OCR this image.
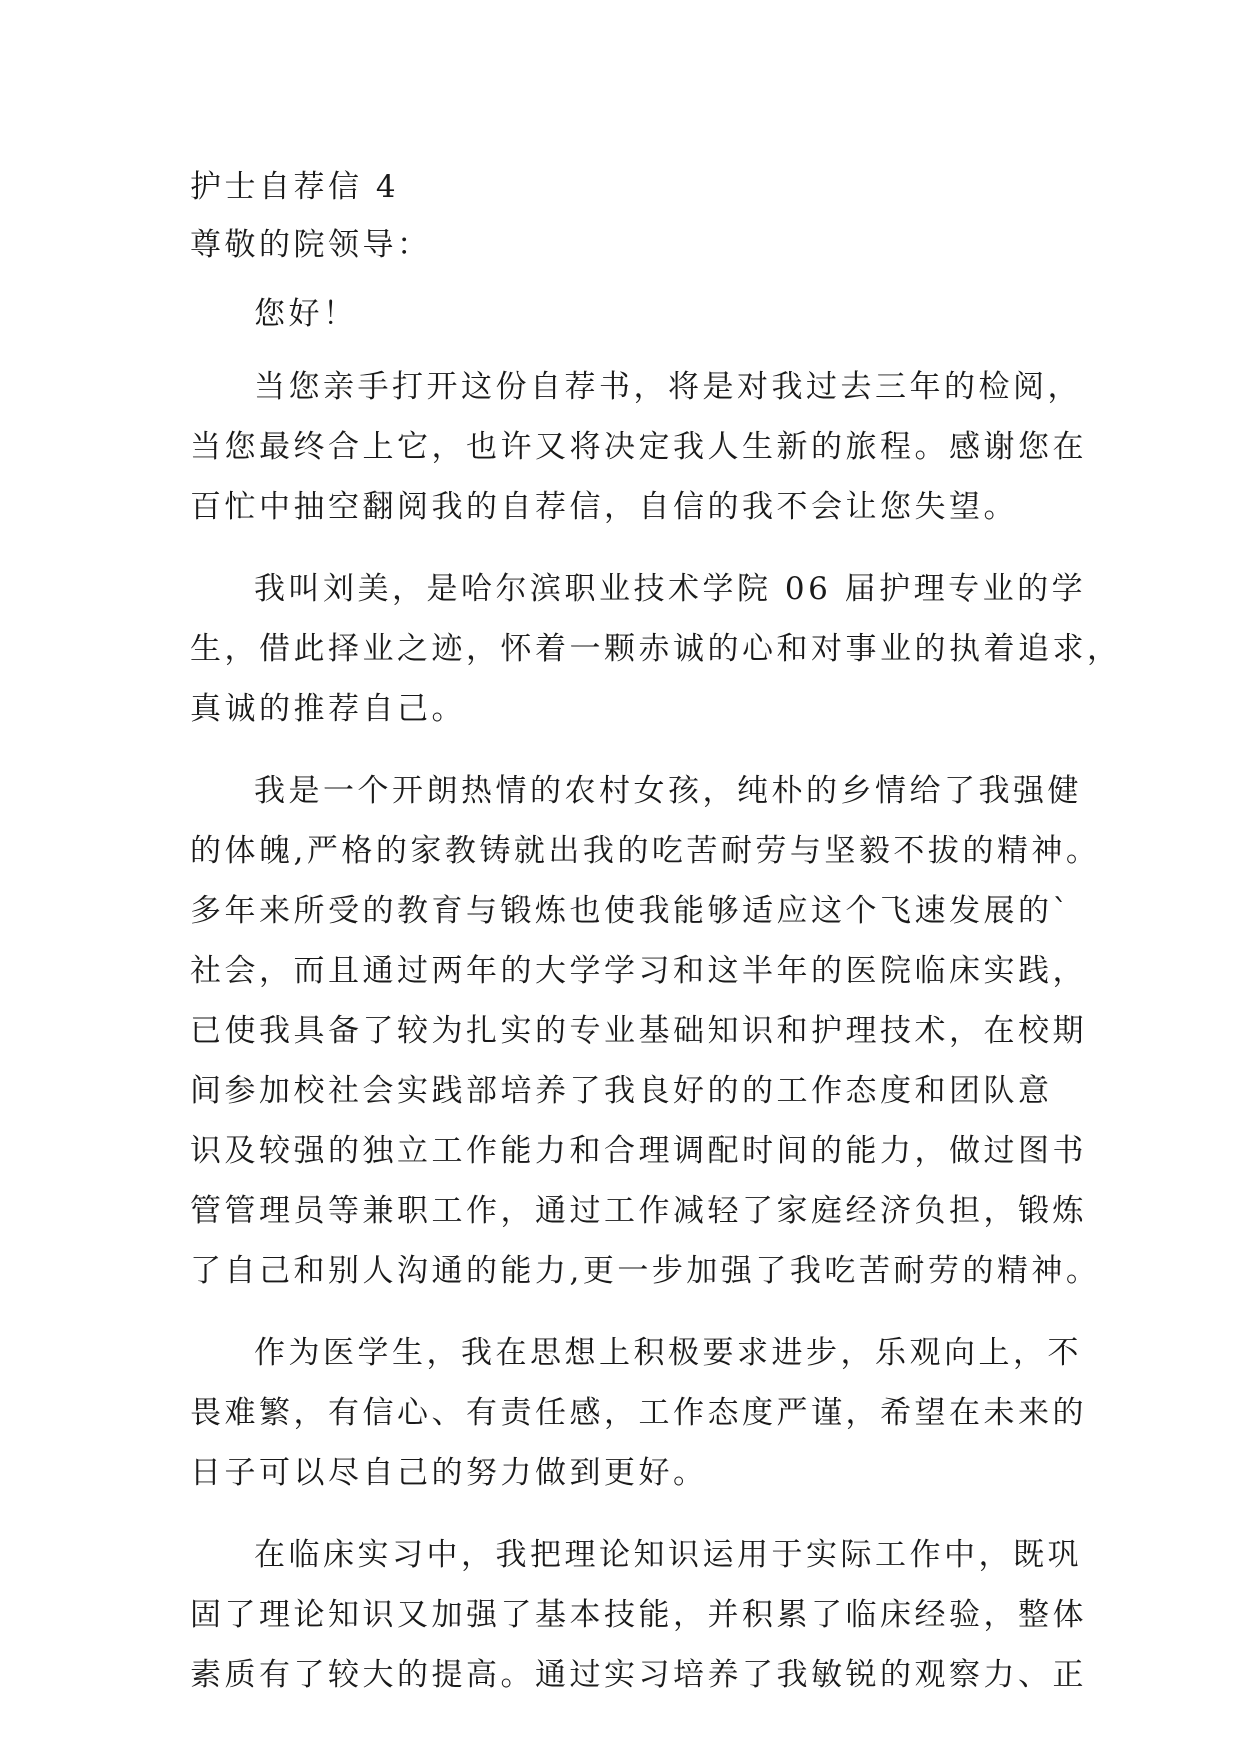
护士自荐信 4
尊敬的院领导：
您好！
当您亲手打开这份自荐书，将是对我过去三年的检阅，
当您最终合上它，也许又将决定我人生新的旅程。感谢您在
百忙中抽空翻阅我的自荐信，自信的我不会让您失望。
我叫刘美，是哈尔滨职业技术学院 06 届护理专业的学
生，借此择业之迹，怀着一颗赤诚的心和对事业的执着追求，
真诚的推荐自己。
我是一个开朗热情的农村女孩，纯朴的乡情给了我强健
的体魄,严格的家教铸就出我的吃苦耐劳与坚毅不拔的精神。
多年来所受的教育与锻炼也使我能够适应这个飞速发展的`
社会，而且通过两年的大学学习和这半年的医院临床实践，
已使我具备了较为扎实的专业基础知识和护理技术，在校期
间参加校社会实践部培养了我良好的的工作态度和团队意
识及较强的独立工作能力和合理调配时间的能力，做过图书
管管理员等兼职工作，通过工作减轻了家庭经济负担，锻炼
了自己和别人沟通的能力,更一步加强了我吃苦耐劳的精神。
作为医学生，我在思想上积极要求进步，乐观向上，不
畏难繁，有信心、有责任感，工作态度严谨，希望在未来的
日子可以尽自己的努力做到更好。
在临床实习中，我把理论知识运用于实际工作中，既巩
固了理论知识又加强了基本技能，并积累了临床经验，整体
素质有了较大的提高。通过实习培养了我敏锐的观察力、正
